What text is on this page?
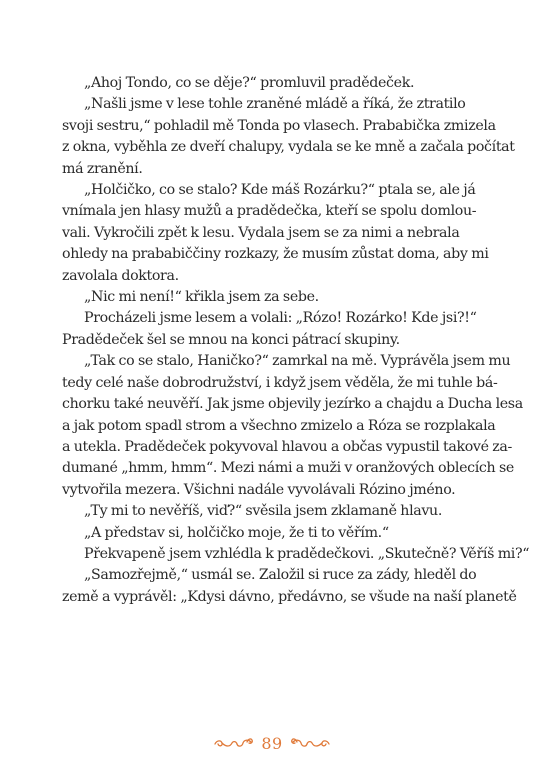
„Ahoj Tondo, co se děje?“ promluvil pradědeček.
„Našli jsme v lese tohle zraněné mládě a říká, že ztratilo
svoji sestru,“ pohladil mě Tonda po vlasech. Prababička zmizela
z okna, vyběhla ze dveří chalupy, vydala se ke mně a začala počítat
má zranění.
„Holčičko, co se stalo? Kde máš Rozárku?“ ptala se, ale já
vnímala jen hlasy mužů a pradědečka, kteří se spolu domlou-
vali. Vykročili zpět k lesu. Vydala jsem se za nimi a nebrala
ohledy na prababiččiny rozkazy, že musím zůstat doma, aby mi
zavolala doktora.
„Nic mi není!“ křikla jsem za sebe.
Procházeli jsme lesem a volali: „Rózo! Rozárko! Kde jsi?!“
Pradědeček šel se mnou na konci pátrací skupiny.
„Tak co se stalo, Haničko?“ zamrkal na mě. Vyprávěla jsem mu
tedy celé naše dobrodružství, i když jsem věděla, že mi tuhle bá-
chorku také neuvěří. Jak jsme objevily jezírko a chajdu a Ducha lesa
a jak potom spadl strom a všechno zmizelo a Róza se rozplakala
a utekla. Pradědeček pokyvoval hlavou a občas vypustil takové za-
dumané „hmm, hmm“. Mezi námi a muži v oranžových oblecích se
vytvořila mezera. Všichni nadále vyvolávali Rózino jméno.
„Ty mi to nevěříš, viď?“ svěsila jsem zklamaně hlavu.
„A představ si, holčičko moje, že ti to věřím.“
Překvapeně jsem vzhlédla k pradědečkovi. „Skutečně? Věříš mi?“
„Samozřejmě,“ usmál se. Založil si ruce za zády, hleděl do
země a vyprávěl: „Kdysi dávno, předávno, se všude na naší planetě
89
